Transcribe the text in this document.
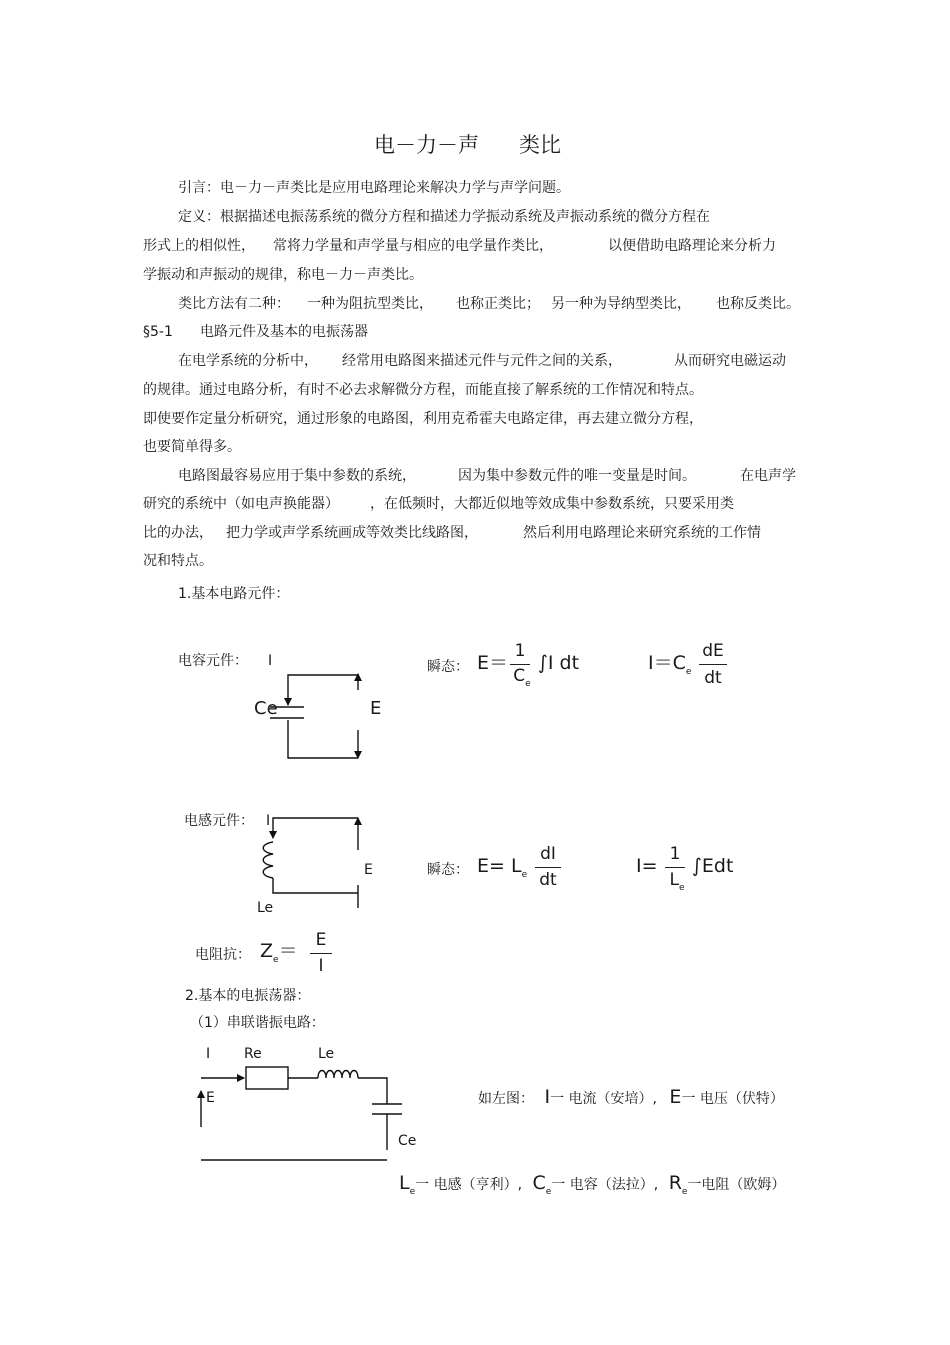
电－力－声 类比
引言：电－力－声类比是应用电路理论来解决力学与声学问题。
定义：根据描述电振荡系统的微分方程和描述力学振动系统及声振动系统的微分方程在
形式上的相似性， 常将力学量和声学量与相应的电学量作类比，	以便借助电路理论来分析力
学振动和声振动的规律，称电－力－声类比。
类比方法有二种： 一种为阻抗型类比， 也称正类比； 另一种为导纳型类比， 也称反类比。
§5-1 电路元件及基本的电振荡器
在电学系统的分析中， 经常用电路图来描述元件与元件之间的关系，	从而研究电磁运动
的规律。通过电路分析，有时不必去求解微分方程，而能直接了解系统的工作情况和特点。
即使要作定量分析研究，通过形象的电路图，利用克希霍夫电路定律，再去建立微分方程，
也要简单得多。
电路图最容易应用于集中参数的系统，	因为集中参数元件的唯一变量是时间。	在电声学
研究的系统中（如电声换能器） ，在低频时，大都近似地等效成集中参数系统，只要采用类
比的办法， 把力学或声学系统画成等效类比线路图，	然后利用电路理论来研究系统的工作情
况和特点。
1.基本电路元件：
电容元件： I
Ce	E
瞬态： E＝
1
$C_e$
∫I dt	$I=C_e$
dE
dt
电感元件： I
E
Le
瞬态： $E= L_e$
dI
dt
I=
1
$L_e$
∫Edt
电阻抗： $Z_e=$	E
I
2.基本的电振荡器：
（1）串联谐振电路：
I Re	Le
E
Ce
如左图： I一 电流（安培）, E一 电压（伏特）
$L_e$一 电感（亨利）, $C_e$一 电容（法拉）, $R_e$一电阻（欧姆）
